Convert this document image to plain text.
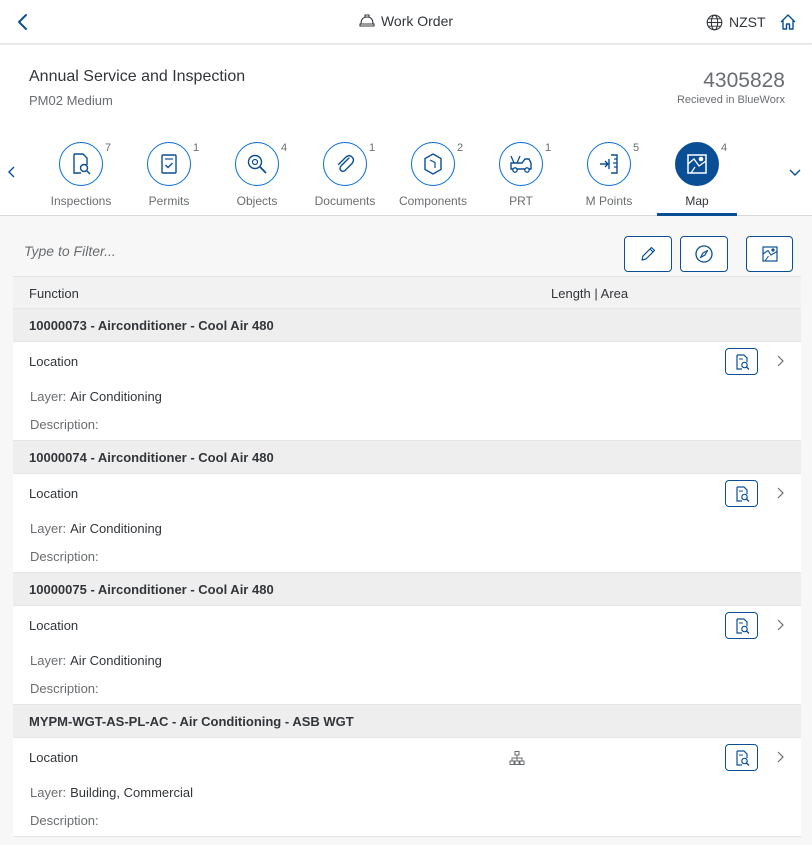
Work Order	NZST
Annual Service and Inspection
PM02 Medium
4305828
Recieved in BlueWorx
7
Inspections
1
Permits
4
Objects
1
Documents
2
Components
1
PRT
5
M Points
4
Map
Type to Filter...
Function	Length | Area
10000073 - Airconditioner - Cool Air 480
Location
Layer: Air Conditioning
Description:
10000074 - Airconditioner - Cool Air 480
Location
Layer: Air Conditioning
Description:
10000075 - Airconditioner - Cool Air 480
Location
Layer: Air Conditioning
Description:
MYPM-WGT-AS-PL-AC - Air Conditioning - ASB WGT
Location
Layer: Building, Commercial
Description:
